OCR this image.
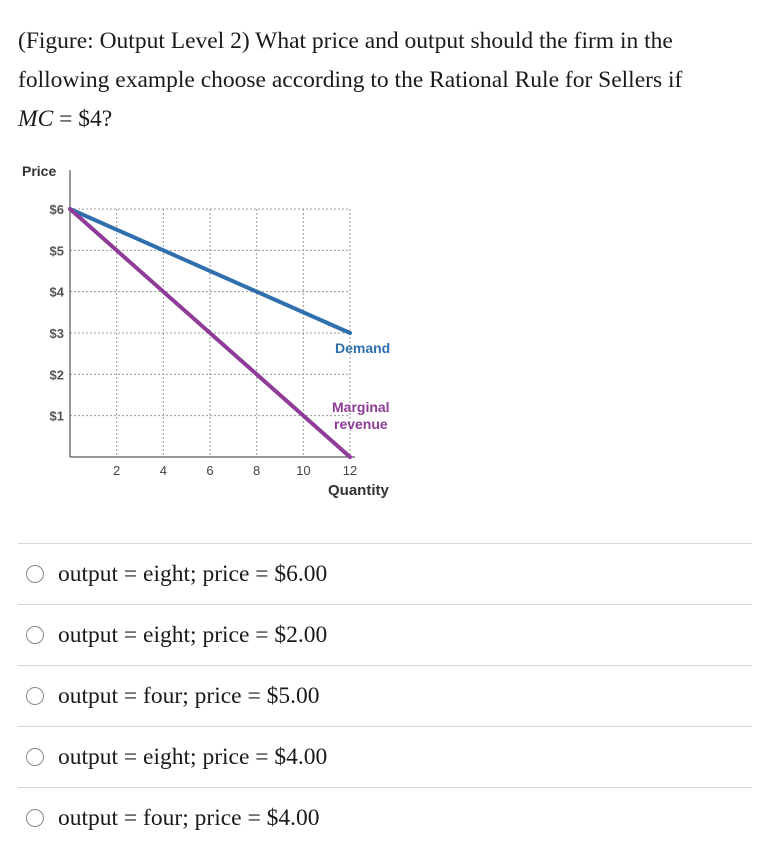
(Figure: Output Level 2) What price and output should the firm in the
following example choose according to the Rational Rule for Sellers if
MC = $4?
$6
$5
$4
$3
$2
$1
2	4	6	8	10 12
Price
Quantity
Demand
Marginal
revenue
output = eight; price = $6.00
output = eight; price = $2.00
output = four; price = $5.00
output = eight; price = $4.00
output = four; price = $4.00
